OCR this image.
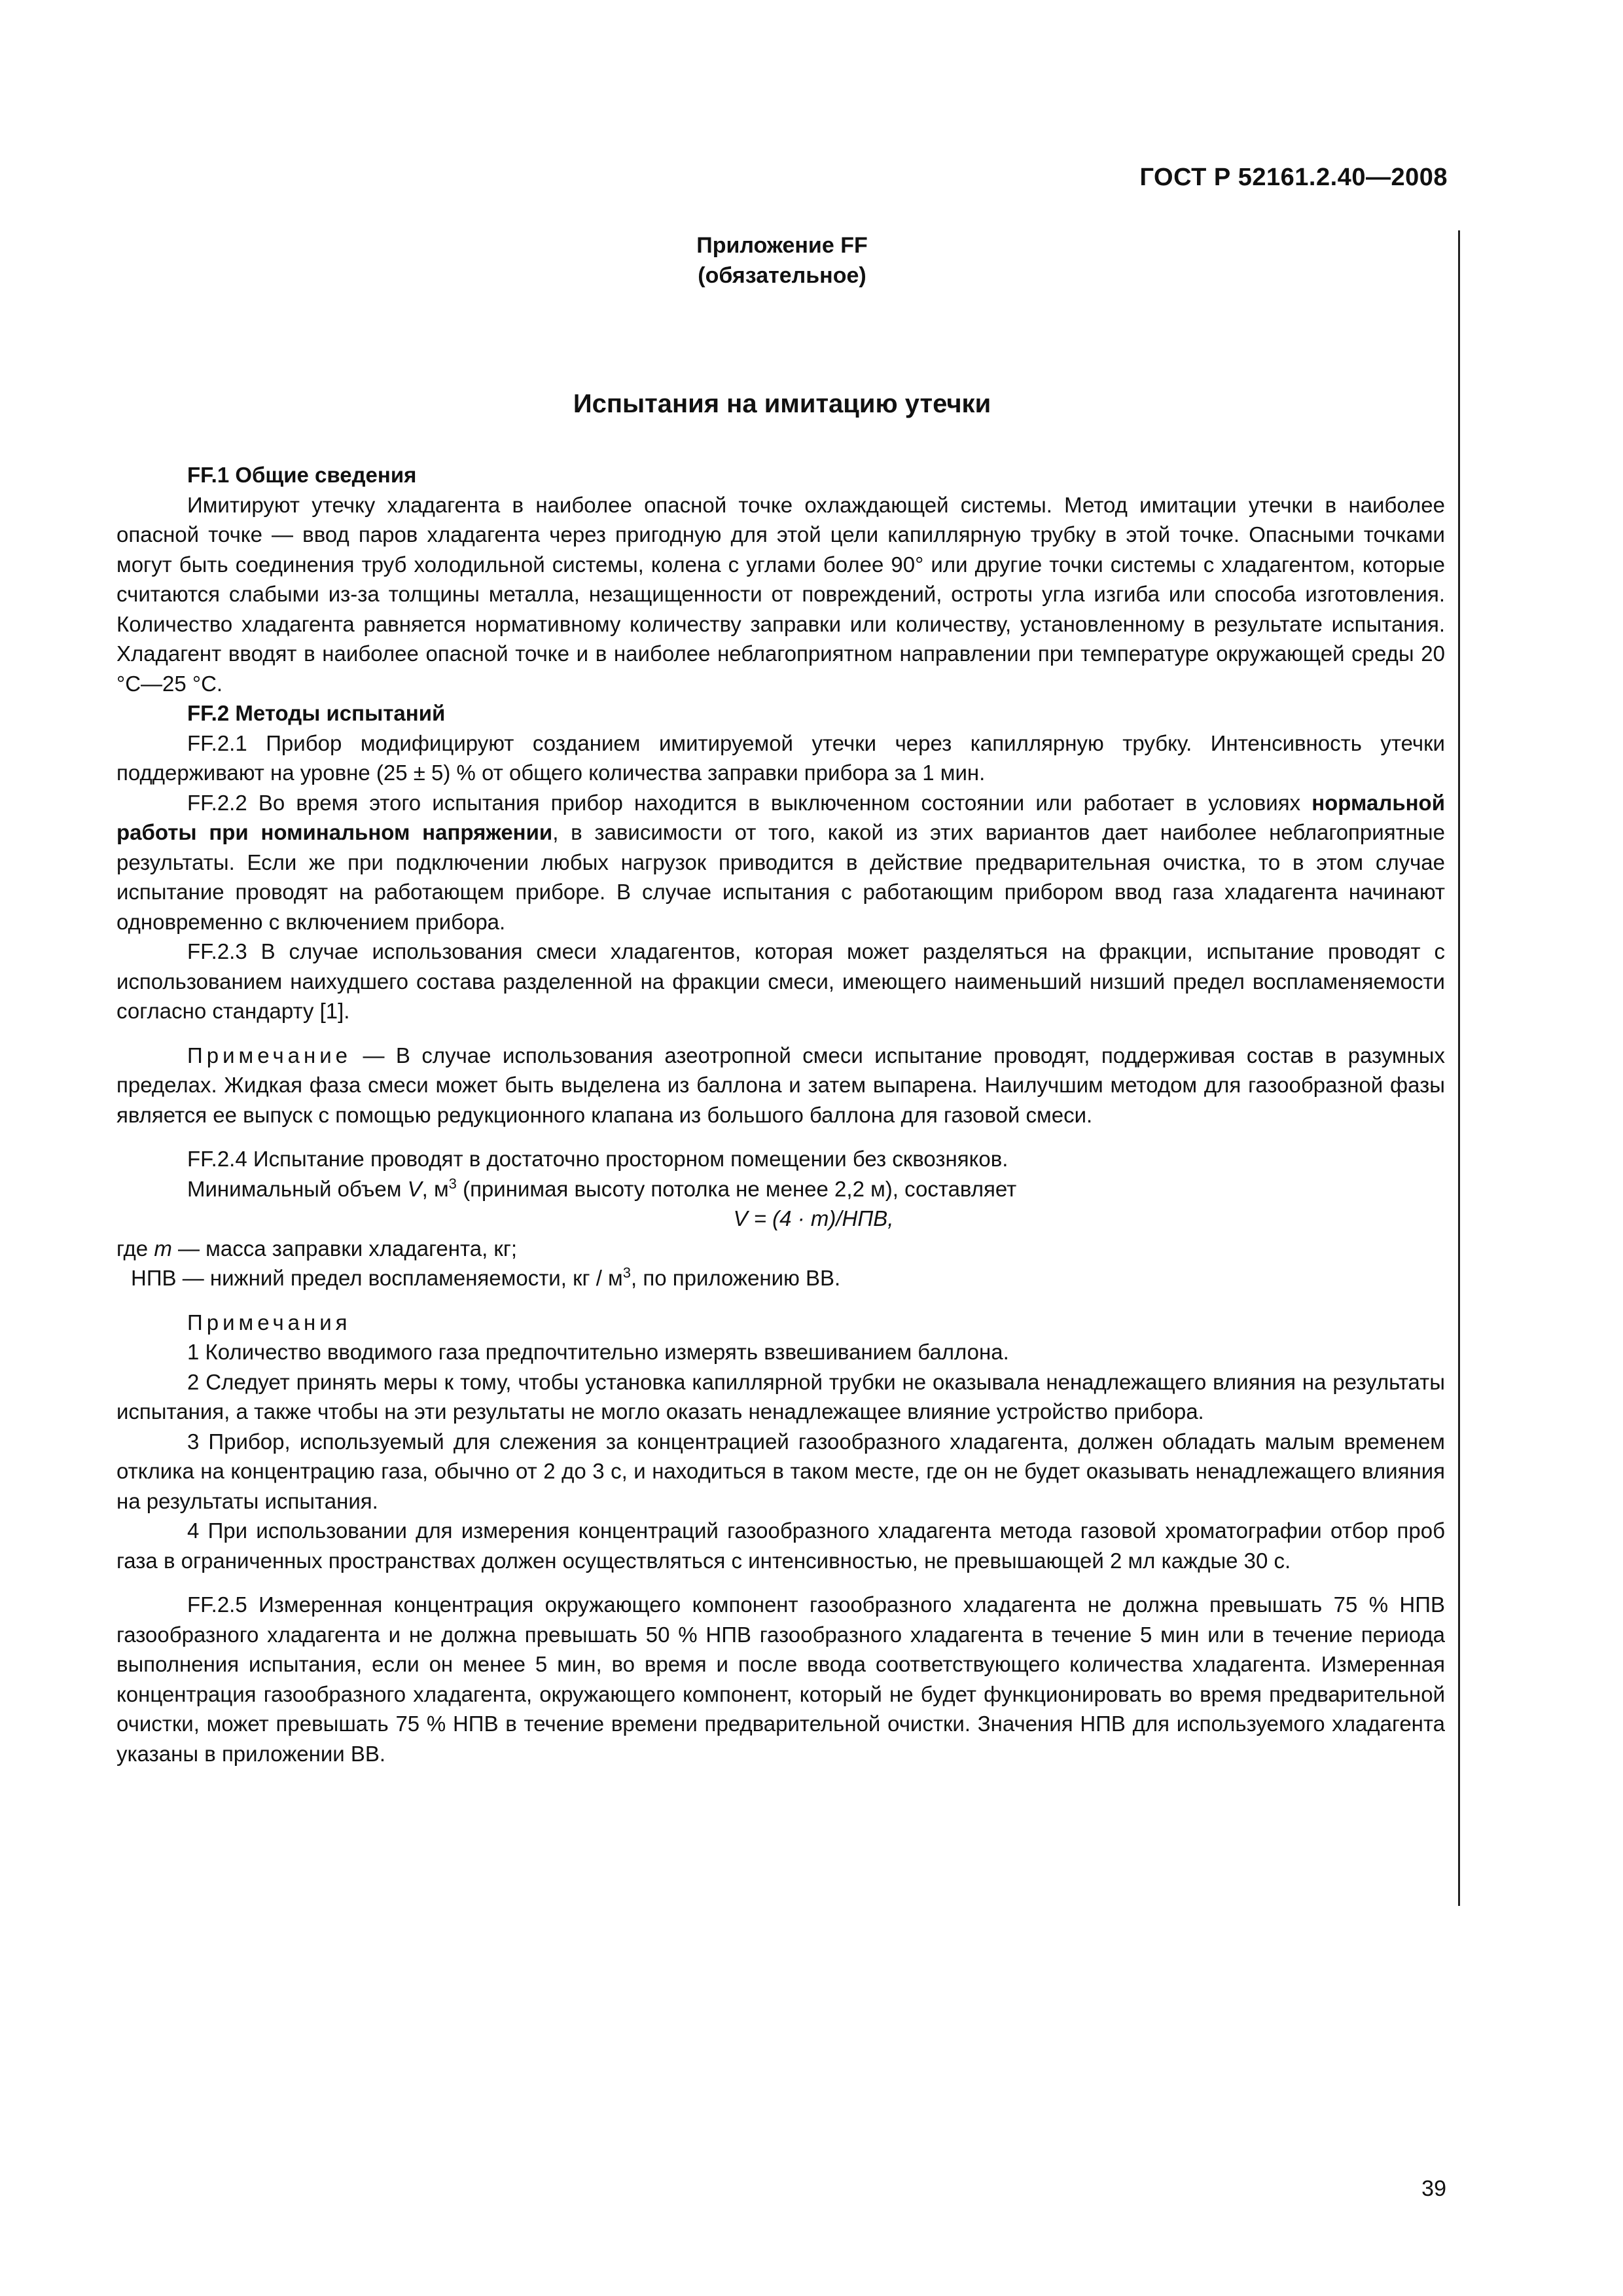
ГОСТ Р 52161.2.40—2008
Приложение FF
(обязательное)
Испытания на имитацию утечки
FF.1 Общие сведения

Имитируют утечку хладагента в наиболее опасной точке охлаждающей системы. Метод имитации утечки в наиболее опасной точке — ввод паров хладагента через пригодную для этой цели капиллярную трубку в этой точке. Опасными точками могут быть соединения труб холодильной системы, колена с углами более 90° или другие точки системы с хладагентом, которые считаются слабыми из-за толщины металла, незащищенности от повреждений, остроты угла изгиба или способа изготовления. Количество хладагента равняется нормативному количеству заправки или количеству, установленному в результате испытания. Хладагент вводят в наиболее опасной точке и в наиболее неблагоприятном направлении при температуре окружающей среды 20 °С—25 °С.

FF.2 Методы испытаний

FF.2.1 Прибор модифицируют созданием имитируемой утечки через капиллярную трубку. Интенсивность утечки поддерживают на уровне (25 ± 5) % от общего количества заправки прибора за 1 мин.

FF.2.2 Во время этого испытания прибор находится в выключенном состоянии или работает в условиях нормальной работы при номинальном напряжении, в зависимости от того, какой из этих вариантов дает наиболее неблагоприятные результаты. Если же при подключении любых нагрузок приводится в действие предварительная очистка, то в этом случае испытание проводят на работающем приборе. В случае испытания с работающим прибором ввод газа хладагента начинают одновременно с включением прибора.

FF.2.3 В случае использования смеси хладагентов, которая может разделяться на фракции, испытание проводят с использованием наихудшего состава разделенной на фракции смеси, имеющего наименьший низший предел воспламеняемости согласно стандарту [1].

Примечание — В случае использования азеотропной смеси испытание проводят, поддерживая состав в разумных пределах. Жидкая фаза смеси может быть выделена из баллона и затем выпарена. Наилучшим методом для газообразной фазы является ее выпуск с помощью редукционного клапана из большого баллона для газовой смеси.

FF.2.4 Испытание проводят в достаточно просторном помещении без сквозняков.

Минимальный объем V, $м^3$ (принимая высоту потолка не менее 2,2 м), составляет

V = (4 · m)/НПВ,

где m — масса заправки хладагента, кг;

НПВ — нижний предел воспламеняемости, кг / $м^3$, по приложению ВВ.

Примечания

1 Количество вводимого газа предпочтительно измерять взвешиванием баллона.

2 Следует принять меры к тому, чтобы установка капиллярной трубки не оказывала ненадлежащего влияния на результаты испытания, а также чтобы на эти результаты не могло оказать ненадлежащее влияние устройство прибора.

3 Прибор, используемый для слежения за концентрацией газообразного хладагента, должен обладать малым временем отклика на концентрацию газа, обычно от 2 до 3 с, и находиться в таком месте, где он не будет оказывать ненадлежащего влияния на результаты испытания.

4 При использовании для измерения концентраций газообразного хладагента метода газовой хроматографии отбор проб газа в ограниченных пространствах должен осуществляться с интенсивностью, не превышающей 2 мл каждые 30 с.

FF.2.5 Измеренная концентрация окружающего компонент газообразного хладагента не должна превышать 75 % НПВ газообразного хладагента и не должна превышать 50 % НПВ газообразного хладагента в течение 5 мин или в течение периода выполнения испытания, если он менее 5 мин, во время и после ввода соответствующего количества хладагента. Измеренная концентрация газообразного хладагента, окружающего компонент, который не будет функционировать во время предварительной очистки, может превышать 75 % НПВ в течение времени предварительной очистки. Значения НПВ для используемого хладагента указаны в приложении ВВ.

39
